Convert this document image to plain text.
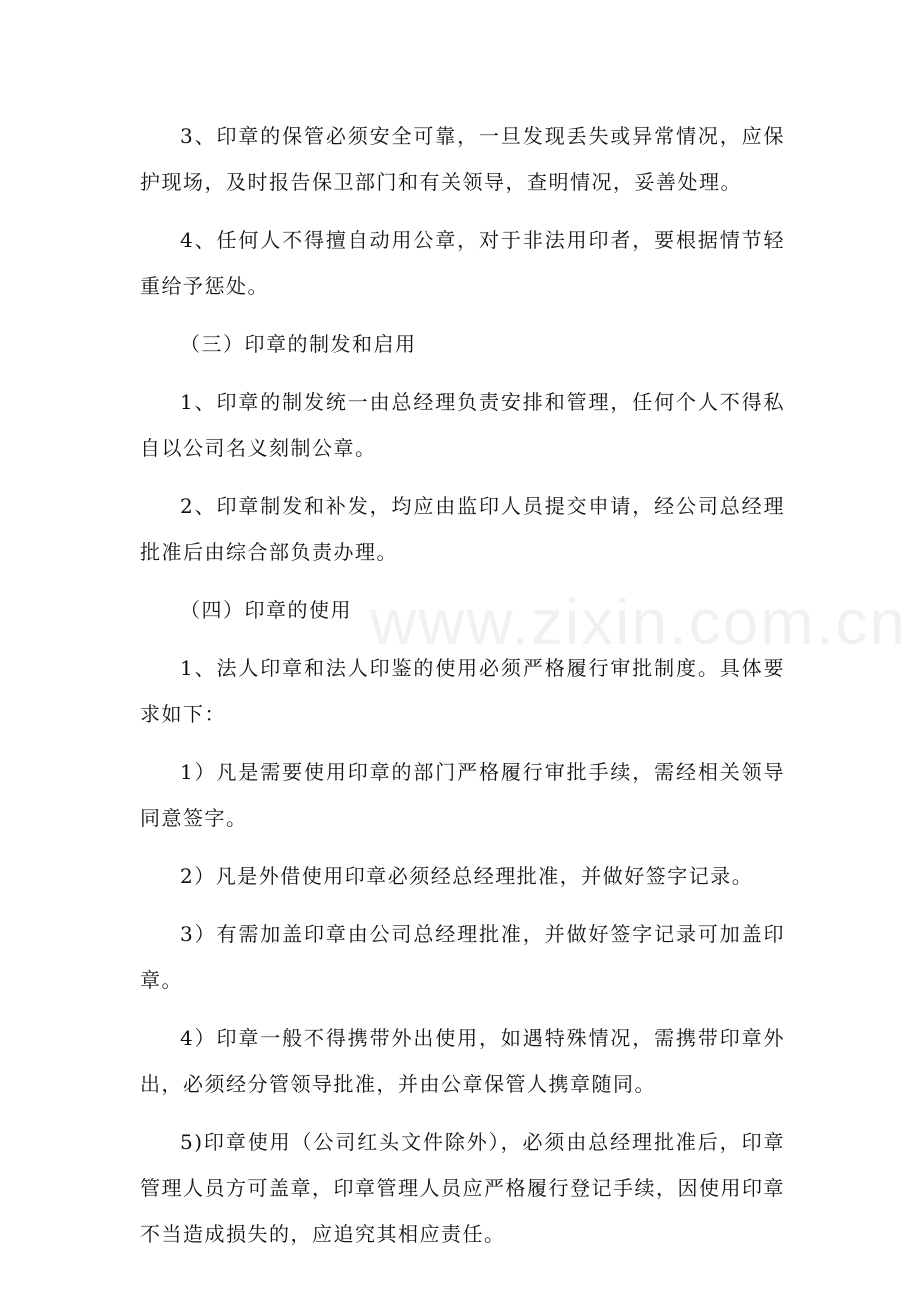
3、印章的保管必须安全可靠，一旦发现丢失或异常情况，应保护现场，及时报告保卫部门和有关领导，查明情况，妥善处理。

4、任何人不得擅自动用公章，对于非法用印者，要根据情节轻重给予惩处。

（三）印章的制发和启用

1、印章的制发统一由总经理负责安排和管理，任何个人不得私自以公司名义刻制公章。

2、印章制发和补发，均应由监印人员提交申请，经公司总经理批准后由综合部负责办理。

（四）印章的使用

1、法人印章和法人印鉴的使用必须严格履行审批制度。具体要求如下：

1）凡是需要使用印章的部门严格履行审批手续，需经相关领导同意签字。

2）凡是外借使用印章必须经总经理批准，并做好签字记录。

3）有需加盖印章由公司总经理批准，并做好签字记录可加盖印章。

4）印章一般不得携带外出使用，如遇特殊情况，需携带印章外出，必须经分管领导批准，并由公章保管人携章随同。

5)印章使用（公司红头文件除外），必须由总经理批准后，印章管理人员方可盖章，印章管理人员应严格履行登记手续，因使用印章不当造成损失的，应追究其相应责任。

www.zixin.com.cn
